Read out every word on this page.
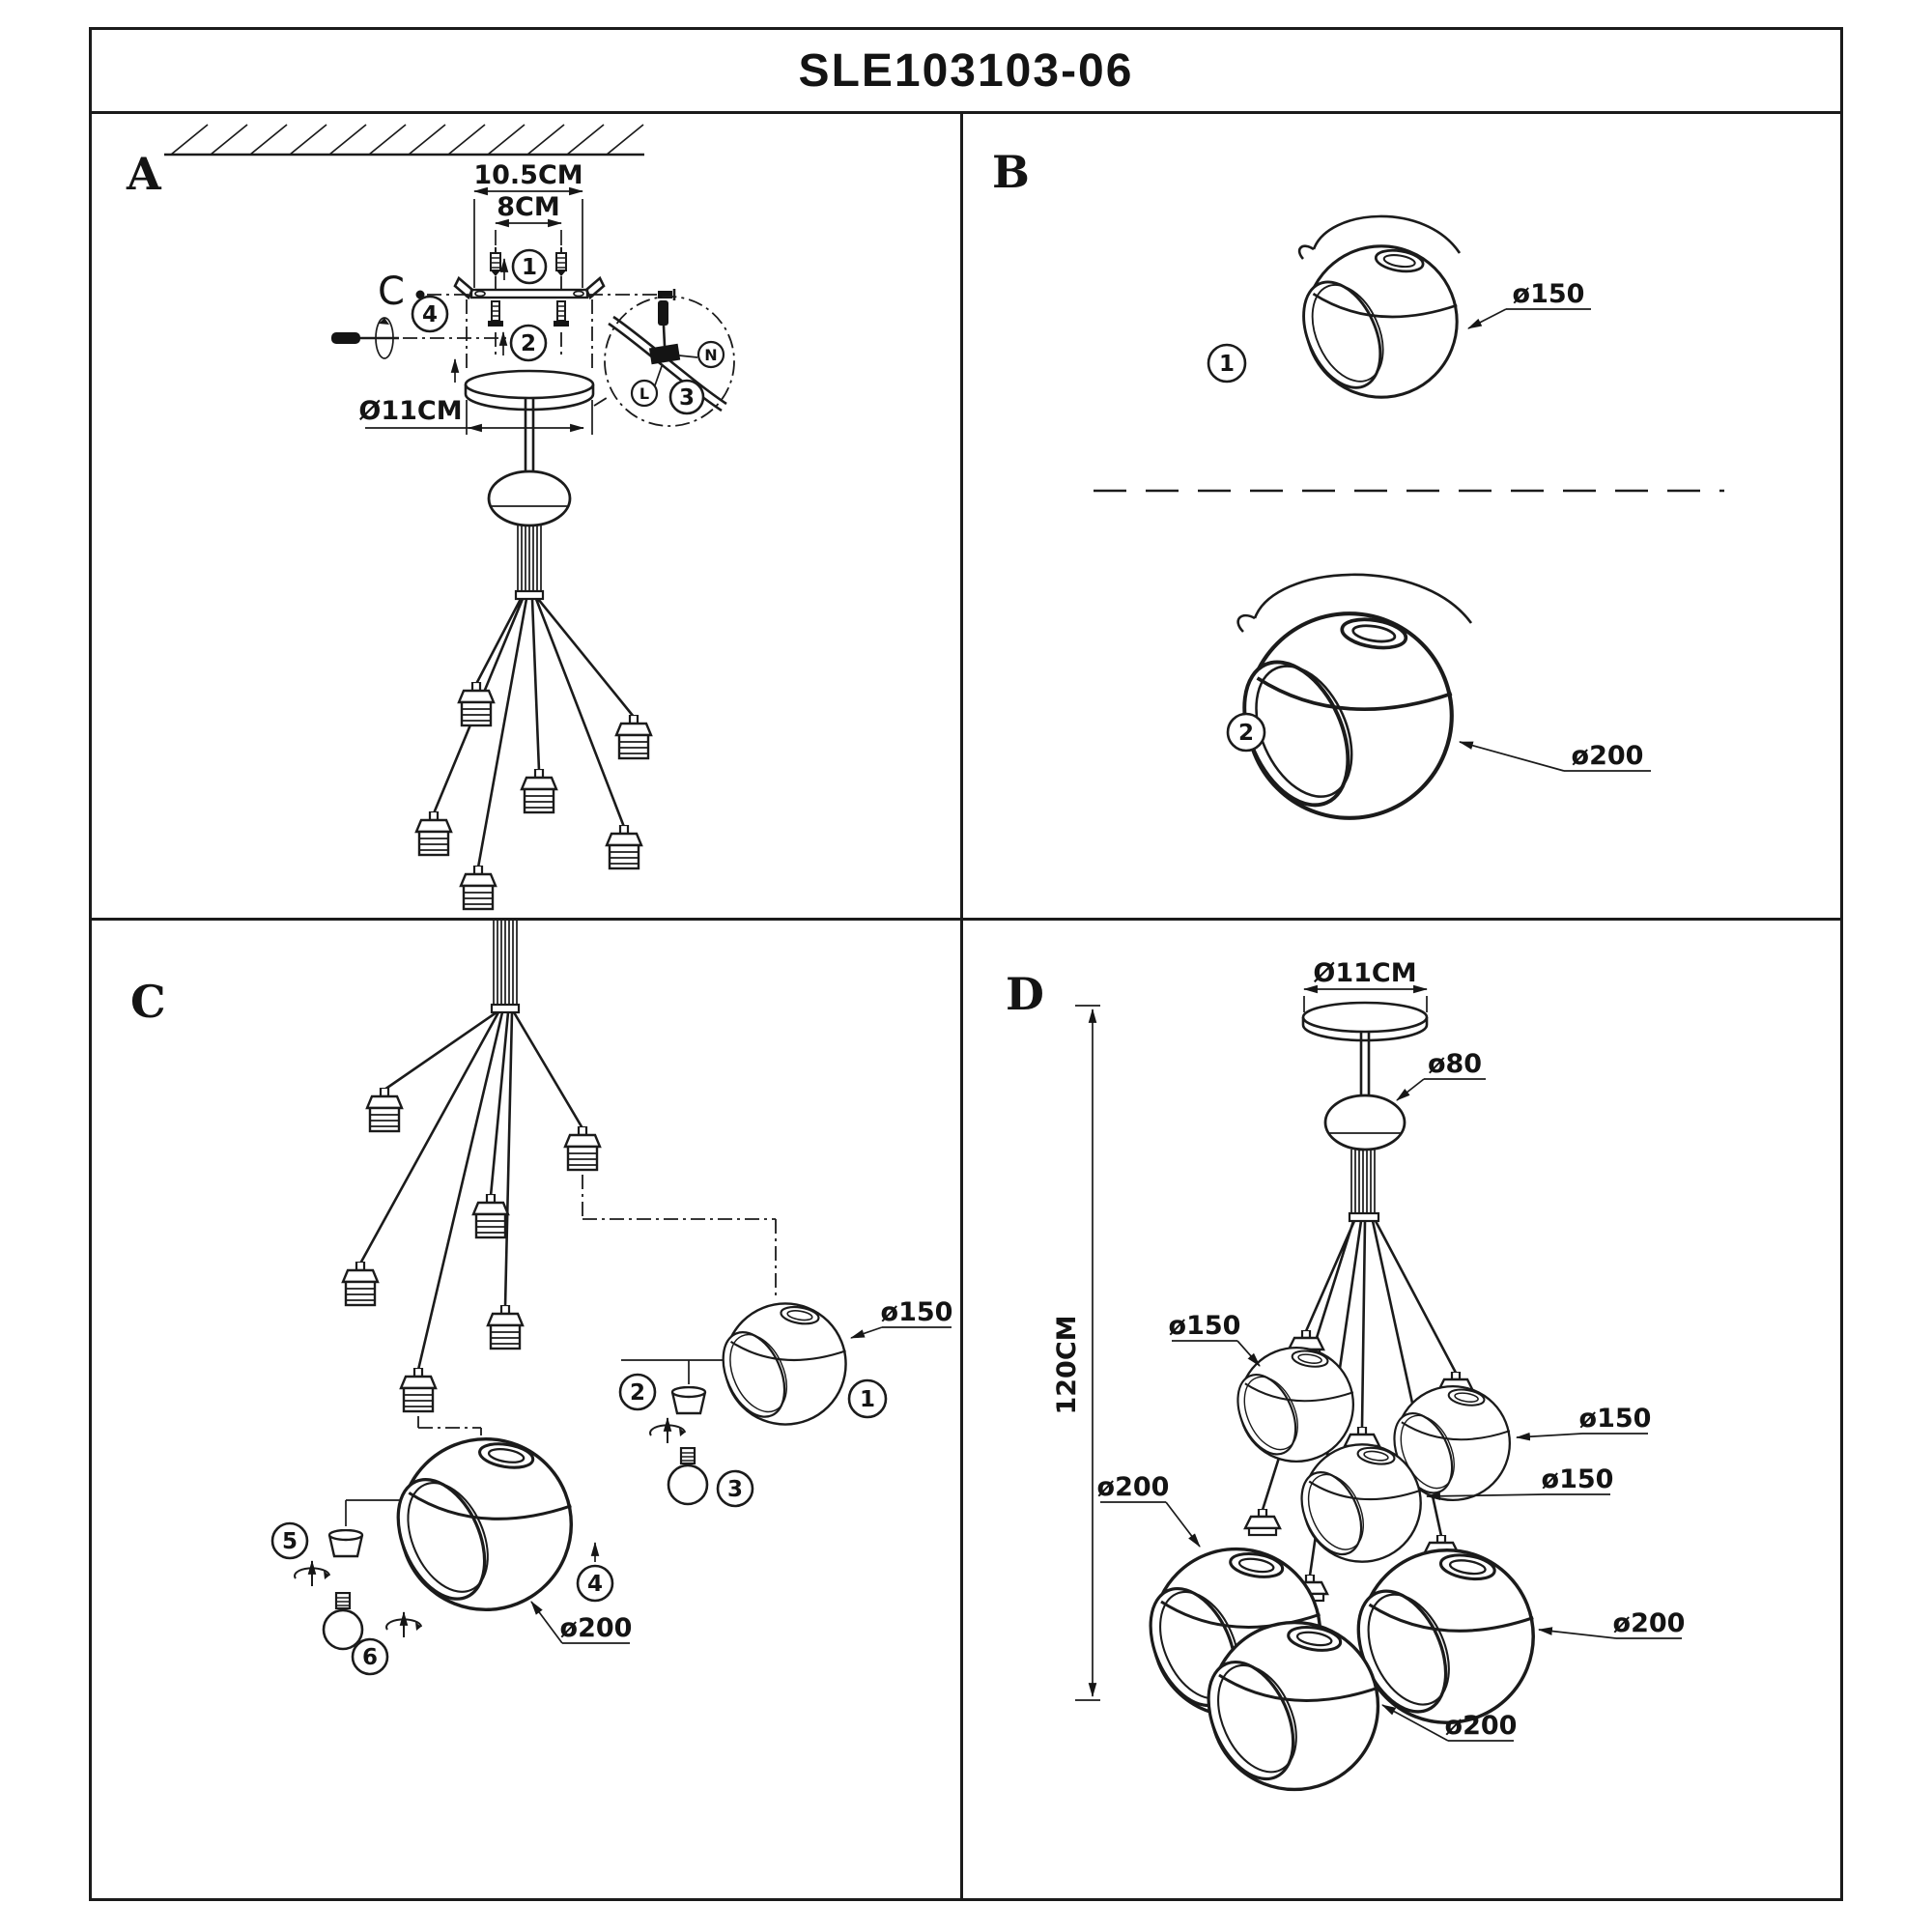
SLE103103-06
A	10.5CM
8CM
1
C
4
2
Ø11CM
N
L 3
B
1
ø150
2
ø200
C
ø150
1
2
3
4
5
6
ø200
D
120CM
Ø11CM
ø80
ø150
ø150
ø150
ø200
ø200
ø200
